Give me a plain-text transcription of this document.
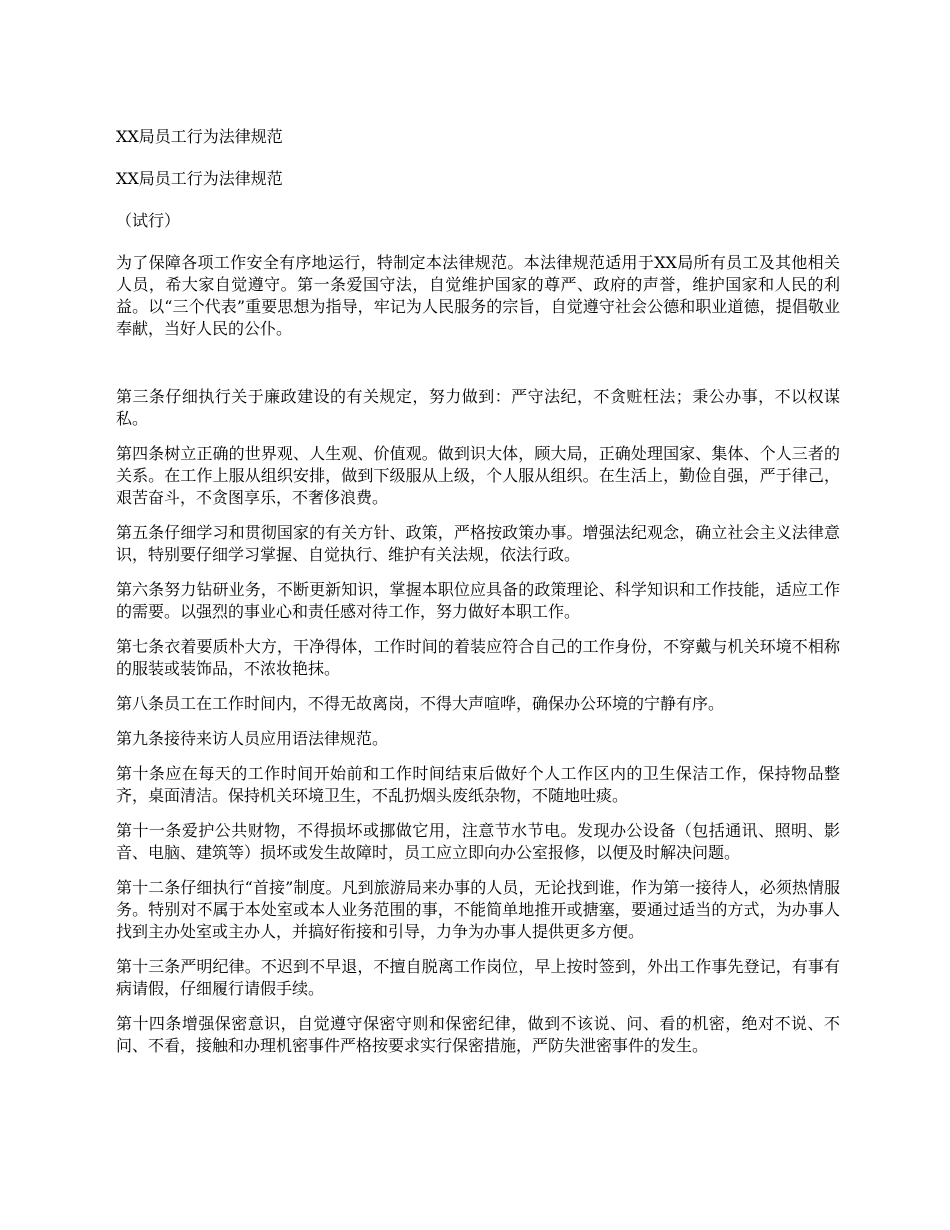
XX局员工行为法律规范

XX局员工行为法律规范

（试行）

为了保障各项工作安全有序地运行，特制定本法律规范。本法律规范适用于XX局所有员工及其他相关人员，希大家自觉遵守。第一条爱国守法，自觉维护国家的尊严、政府的声誉，维护国家和人民的利益。以“三个代表”重要思想为指导，牢记为人民服务的宗旨，自觉遵守社会公德和职业道德，提倡敬业奉献，当好人民的公仆。

第三条仔细执行关于廉政建设的有关规定，努力做到：严守法纪，不贪赃枉法；秉公办事，不以权谋私。

第四条树立正确的世界观、人生观、价值观。做到识大体，顾大局，正确处理国家、集体、个人三者的关系。在工作上服从组织安排，做到下级服从上级，个人服从组织。在生活上，勤俭自强，严于律己，艰苦奋斗，不贪图享乐，不奢侈浪费。

第五条仔细学习和贯彻国家的有关方针、政策，严格按政策办事。增强法纪观念，确立社会主义法律意识，特别要仔细学习掌握、自觉执行、维护有关法规，依法行政。

第六条努力钻研业务，不断更新知识，掌握本职位应具备的政策理论、科学知识和工作技能，适应工作的需要。以强烈的事业心和责任感对待工作，努力做好本职工作。

第七条衣着要质朴大方，干净得体，工作时间的着装应符合自己的工作身份，不穿戴与机关环境不相称的服装或装饰品，不浓妆艳抹。

第八条员工在工作时间内，不得无故离岗，不得大声喧哗，确保办公环境的宁静有序。

第九条接待来访人员应用语法律规范。

第十条应在每天的工作时间开始前和工作时间结束后做好个人工作区内的卫生保洁工作，保持物品整齐，桌面清洁。保持机关环境卫生，不乱扔烟头废纸杂物，不随地吐痰。

第十一条爱护公共财物，不得损坏或挪做它用，注意节水节电。发现办公设备（包括通讯、照明、影音、电脑、建筑等）损坏或发生故障时，员工应立即向办公室报修，以便及时解决问题。

第十二条仔细执行“首接”制度。凡到旅游局来办事的人员，无论找到谁，作为第一接待人，必须热情服务。特别对不属于本处室或本人业务范围的事，不能简单地推开或搪塞，要通过适当的方式，为办事人找到主办处室或主办人，并搞好衔接和引导，力争为办事人提供更多方便。

第十三条严明纪律。不迟到不早退，不擅自脱离工作岗位，早上按时签到，外出工作事先登记，有事有病请假，仔细履行请假手续。

第十四条增强保密意识，自觉遵守保密守则和保密纪律，做到不该说、问、看的机密，绝对不说、不问、不看，接触和办理机密事件严格按要求实行保密措施，严防失泄密事件的发生。
